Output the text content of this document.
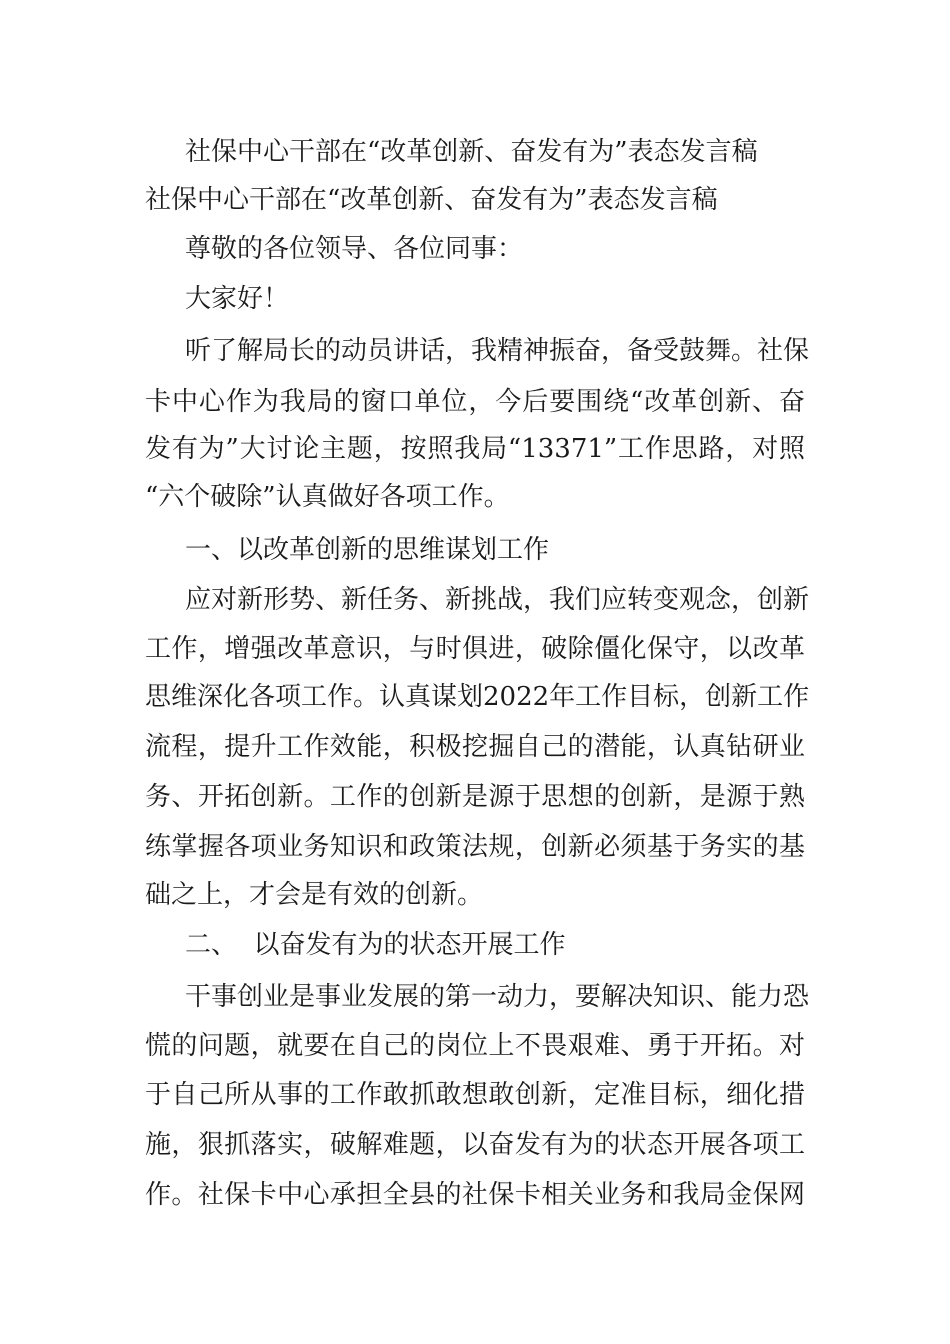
社保中心干部在“改革创新、奋发有为”表态发言稿
社保中心干部在“改革创新、奋发有为”表态发言稿
尊敬的各位领导、各位同事：
大家好！
听了解局长的动员讲话，我精神振奋，备受鼓舞。社保
卡中心作为我局的窗口单位，今后要围绕“改革创新、奋
发有为”大讨论主题，按照我局“13371”工作思路，对照
“六个破除”认真做好各项工作。
一、以改革创新的思维谋划工作
应对新形势、新任务、新挑战，我们应转变观念，创新
工作，增强改革意识，与时俱进，破除僵化保守，以改革
思维深化各项工作。认真谋划2022年工作目标，创新工作
流程，提升工作效能，积极挖掘自己的潜能，认真钻研业
务、开拓创新。工作的创新是源于思想的创新，是源于熟
练掌握各项业务知识和政策法规，创新必须基于务实的基
础之上，才会是有效的创新。
二、  以奋发有为的状态开展工作
干事创业是事业发展的第一动力，要解决知识、能力恐
慌的问题，就要在自己的岗位上不畏艰难、勇于开拓。对
于自己所从事的工作敢抓敢想敢创新，定准目标，细化措
施，狠抓落实，破解难题，以奋发有为的状态开展各项工
作。社保卡中心承担全县的社保卡相关业务和我局金保网
